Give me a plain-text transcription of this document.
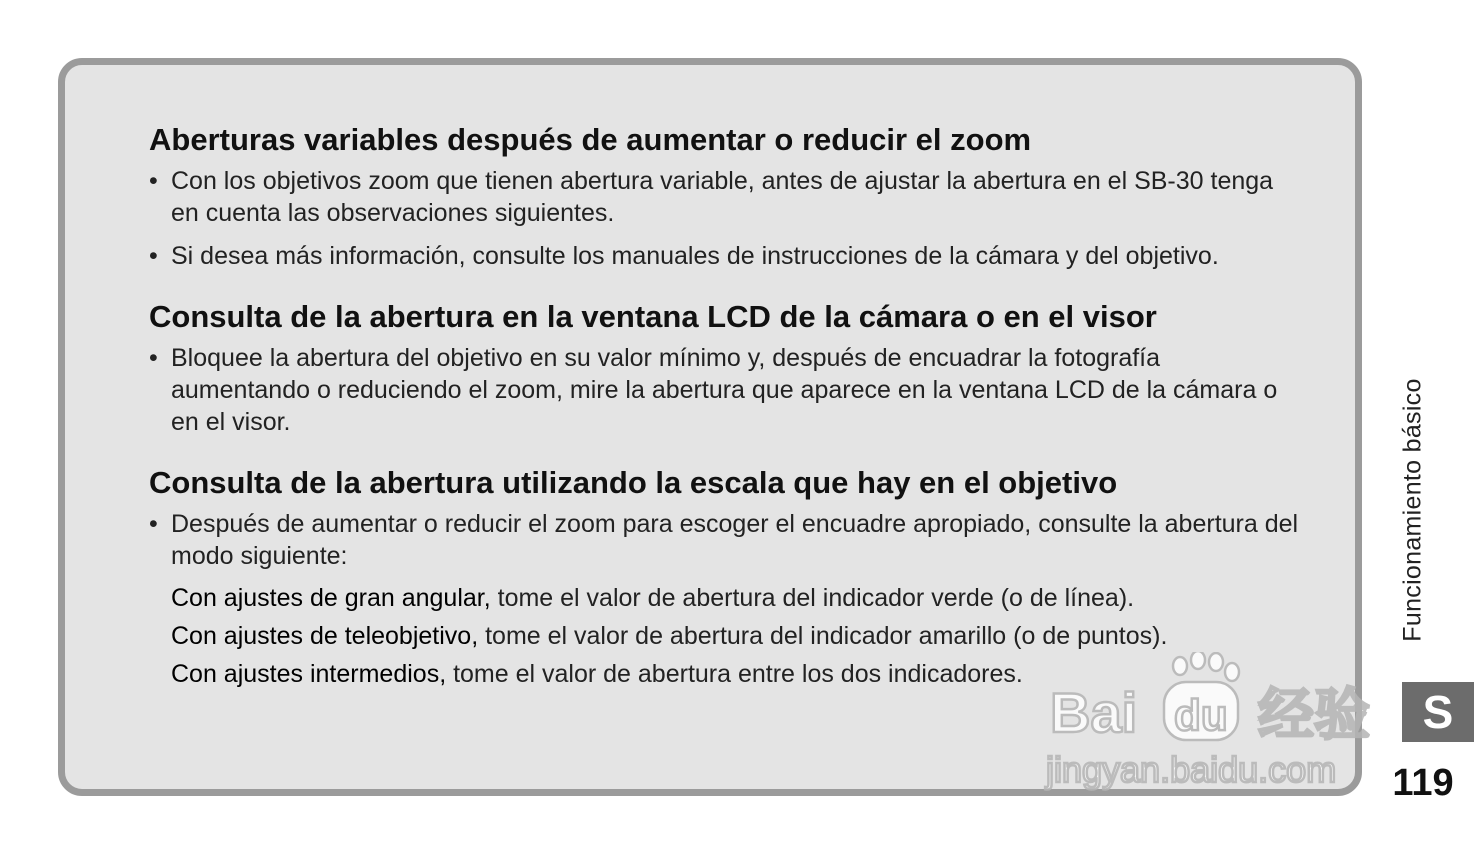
Aberturas variables después de aumentar o reducir el zoom
• Con los objetivos zoom que tienen abertura variable, antes de ajustar la abertura en el SB-30 tenga en cuenta las observaciones siguientes.
• Si desea más información, consulte los manuales de instrucciones de la cámara y del objetivo.
Consulta de la abertura en la ventana LCD de la cámara o en el visor
• Bloquee la abertura del objetivo en su valor mínimo y, después de encuadrar la fotografía aumentando o reduciendo el zoom, mire la abertura que aparece en la ventana LCD de la cámara o en el visor.
Consulta de la abertura utilizando la escala que hay en el objetivo
• Después de aumentar o reducir el zoom para escoger el encuadre apropiado, consulte la abertura del modo siguiente:
Con ajustes de gran angular, tome el valor de abertura del indicador verde (o de línea).
Con ajustes de teleobjetivo, tome el valor de abertura del indicador amarillo (o de puntos).
Con ajustes intermedios, tome el valor de abertura entre los dos indicadores.
Funcionamiento básico
S
119
Bai du 经验
jingyan.baidu.com
